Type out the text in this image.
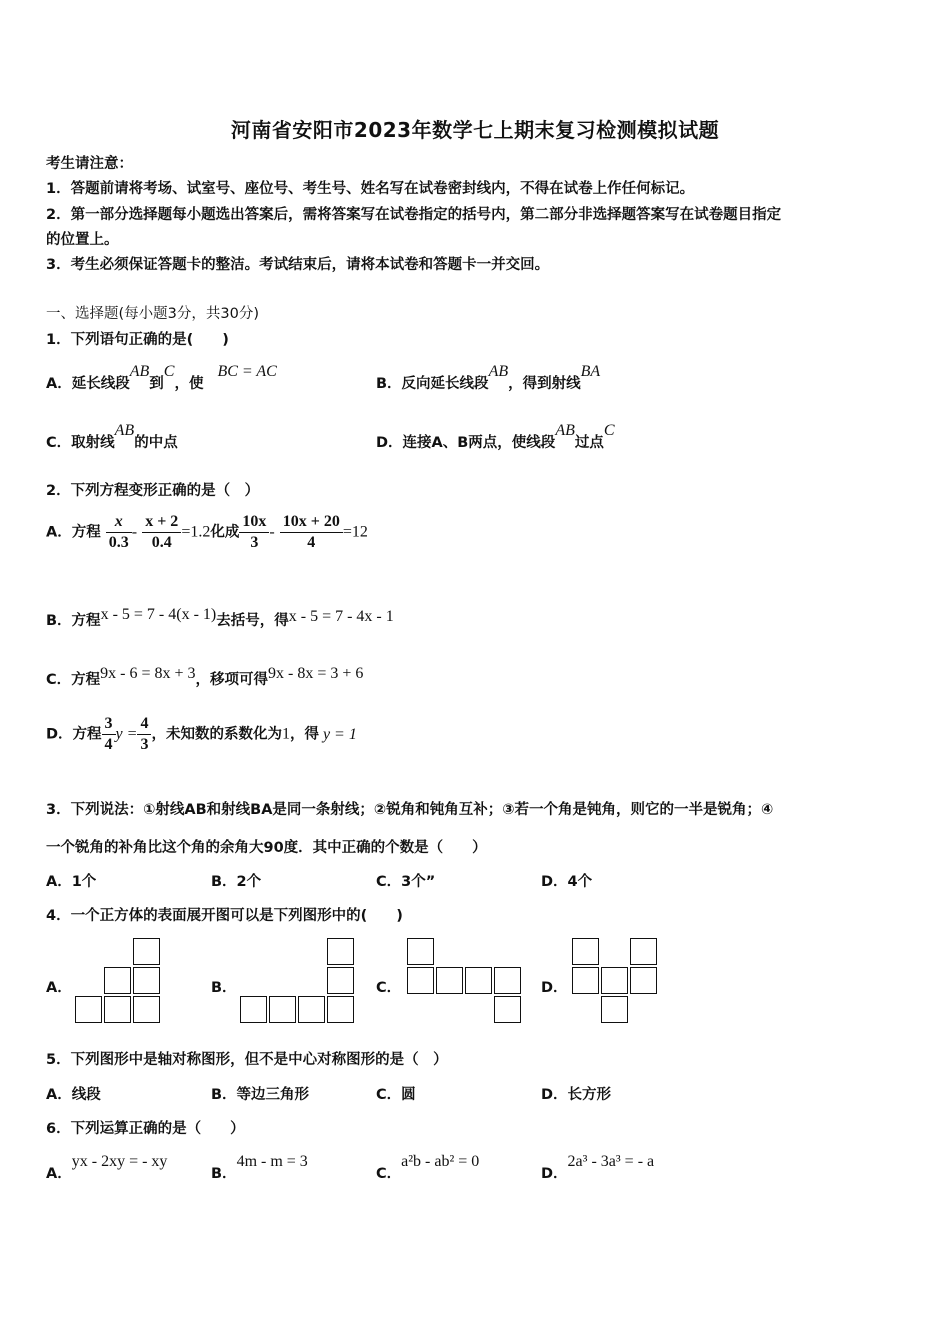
河南省安阳市2023年数学七上期末复习检测模拟试题
考生请注意：
1．答题前请将考场、试室号、座位号、考生号、姓名写在试卷密封线内，不得在试卷上作任何标记。
2．第一部分选择题每小题选出答案后，需将答案写在试卷指定的括号内，第二部分非选择题答案写在试卷题目指定
的位置上。
3．考生必须保证答题卡的整洁。考试结束后，请将本试卷和答题卡一并交回。
一、选择题(每小题3分，共30分)
1．下列语句正确的是(　　)
A．延长线段AB到C，使BC = AC
B．反向延长线段AB，得到射线BA
C．取射线AB的中点	D．连接A、B两点，使线段AB过点C
2．下列方程变形正确的是（　）
A．方程 $\frac{x}{0.3} - \frac{x + 2}{0.4} =1.2$化成 $\frac{10x}{3} - \frac{10x + 20}{4} =12$
B．方程x - 5 = 7 - 4(x - 1)去括号，得x - 5 = 7 - 4x - 1
C．方程9x - 6 = 8x + 3，移项可得9x - 8x = 3 + 6
D．方程 $\frac{3}{4}$ $y = \frac{4}{3}$ ，未知数的系数化为1，得 y = 1
3．下列说法：①射线AB和射线BA是同一条射线；②锐角和钝角互补；③若一个角是钝角，则它的一半是锐角；④
一个锐角的补角比这个角的余角大90度．其中正确的个数是（　　）
A．1个	B．2个	C．3个”	D．4个
4．一个正方体的表面展开图可以是下列图形中的(　　)
A．	B．	C．	D．
5．下列图形中是轴对称图形，但不是中心对称图形的是（　）
A．线段	B．等边三角形	C．圆	D．长方形
6．下列运算正确的是（　　）
A．yx - 2xy = - xy
B．4m - m = 3
C．a²b - ab² = 0
D．2a³ - 3a³ = - a
